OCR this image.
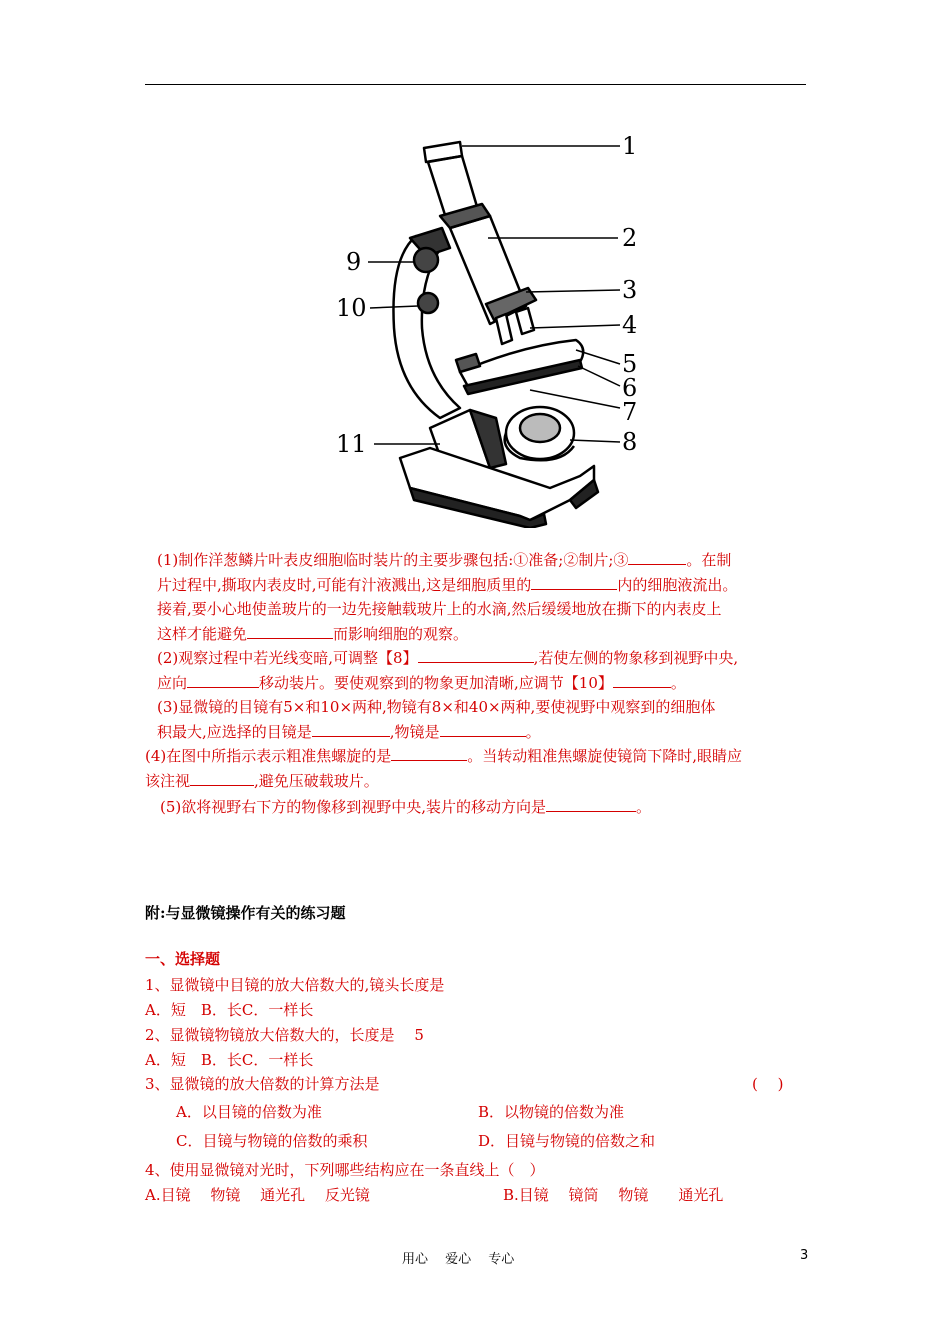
1
2
3
4
5
6
7
8
9
10
11
(1)制作洋葱鳞片叶表皮细胞临时装片的主要步骤包括:①准备;②制片;③	。在制
片过程中,撕取内表皮时,可能有汁液溅出,这是细胞质里的	内的细胞液流出。
接着,要小心地使盖玻片的一边先接触载玻片上的水滴,然后缓缓地放在撕下的内表皮上
这样才能避免	而影响细胞的观察。
(2)观察过程中若光线变暗,可调整【8】	,若使左侧的物象移到视野中央,
应向	移动装片。要使观察到的物象更加清晰,应调节【10】	。
(3)显微镜的目镜有5×和10×两种,物镜有8×和40×两种,要使视野中观察到的细胞体
积最大,应选择的目镜是	,物镜是	。
(4)在图中所指示表示粗准焦螺旋的是	。当转动粗准焦螺旋使镜筒下降时,眼睛应
该注视	,避免压破载玻片。
(5)欲将视野右下方的物像移到视野中央,装片的移动方向是	。
附:与显微镜操作有关的练习题
一、选择题
1、显微镜中目镜的放大倍数大的,镜头长度是
A．短　B．长C．一样长
2、显微镜物镜放大倍数大的，长度是　 5
A．短　B．长C．一样长
3、显微镜的放大倍数的计算方法是	(　 )
A．以目镜的倍数为准	B．以物镜的倍数为准
C．目镜与物镜的倍数的乘积	D．目镜与物镜的倍数之和
4、使用显微镜对光时，下列哪些结构应在一条直线上（　）
A.目镜　 物镜　 通光孔　 反光镜	B.目镜　 镜筒　 物镜　　通光孔
用心　 爱心　 专心	3
